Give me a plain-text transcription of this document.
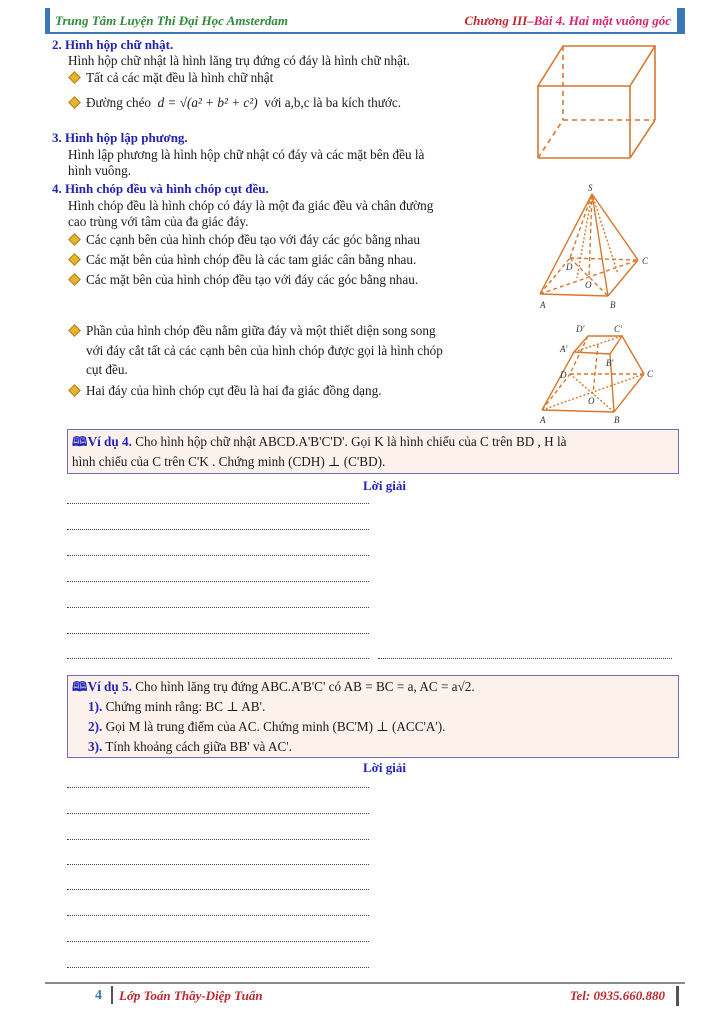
Trung Tâm Luyện Thi Đại Học Amsterdam	Chương III–Bài 4. Hai mặt vuông góc
2. Hình hộp chữ nhật.
Hình hộp chữ nhật là hình lăng trụ đứng có đáy là hình chữ nhật.
Tất cả các mặt đều là hình chữ nhật
Đường chéo d = √(a² + b² + c²) với a,b,c là ba kích thước.
3. Hình hộp lập phương.
Hình lập phương là hình hộp chữ nhật có đáy và các mặt bên đều là
hình vuông.
4. Hình chóp đều và hình chóp cụt đều.
Hình chóp đều là hình chóp có đáy là một đa giác đều và chân đường
cao trùng với tâm của đa giác đáy.
Các cạnh bên của hình chóp đều tạo với đáy các góc bằng nhau
Các mặt bên của hình chóp đều là các tam giác cân bằng nhau.
Các mặt bên của hình chóp đều tạo với đáy các góc bằng nhau.
Phần của hình chóp đều nằm giữa đáy và một thiết diện song song
với đáy cắt tất cả các cạnh bên của hình chóp được gọi là hình chóp
cụt đều.
Hai đáy của hình chóp cụt đều là hai đa giác đồng dạng.
S
A	B
C
D
O
D'	C'
A'
B'
A	B
C
D
O
🕮Ví dụ 4. Cho hình hộp chữ nhật ABCD.A'B'C'D'. Gọi K là hình chiếu của C trên BD , H là
hình chiếu của C trên C'K . Chứng minh (CDH) ⊥ (C'BD).
Lời giải
🕮Ví dụ 5. Cho hình lăng trụ đứng ABC.A'B'C' có AB = BC = a, AC = a√2.
1). Chứng minh rằng: BC ⊥ AB'.
2). Gọi M là trung điểm của AC. Chứng minh (BC'M) ⊥ (ACC'A').
3). Tính khoảng cách giữa BB' và AC'.
Lời giải
4 Lớp Toán Thầy-Diệp Tuấn	Tel: 0935.660.880
